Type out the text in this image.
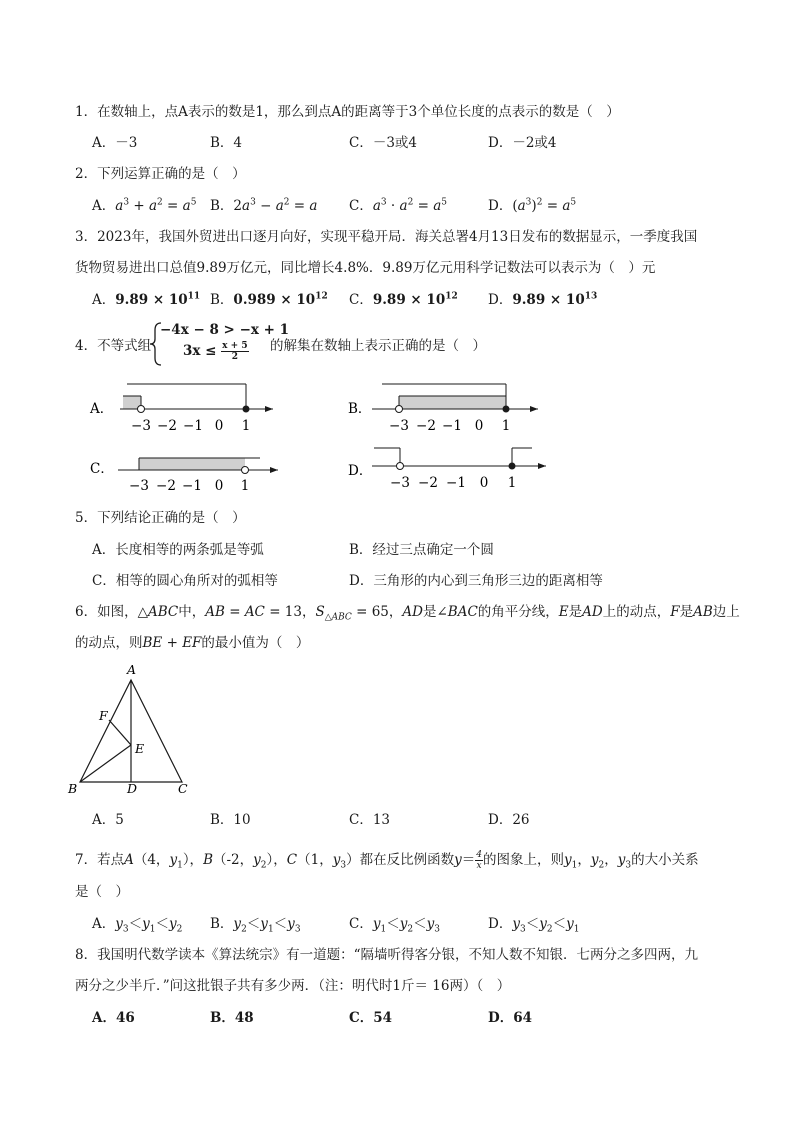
1．在数轴上，点A表示的数是1，那么到点A的距离等于3个单位长度的点表示的数是（　）
A．－3	B．4	C．－3或4	D．－2或4
2．下列运算正确的是（　）
A．$a^3 + a^2 = a^5$ B．$2a^3 - a^2 = a$ C．$a^3 \cdot a^2 = a^5$	D．$(a^3)^2 = a^5$
3．2023年，我国外贸进出口逐月向好，实现平稳开局．海关总署4月13日发布的数据显示，一季度我国
货物贸易进出口总值9.89万亿元，同比增长4.8%．9.89万亿元用科学记数法可以表示为（　）元
A．$9.89 \times 10^{11}$ B．$0.989 \times 10^{12}$ C．$9.89 \times 10^{12}$ D．$9.89 \times 10^{13}$
4．不等式组
−4x − 8 > −x + 1
$3x \le \frac{x + 5}{2}$ 的解集在数轴上表示正确的是（　）
A．
−3 −2 −1 0 1
B．
−3 −2 −1 0 1
C．
−3 −2 −1 0 1
D．
−3 −2 −1 0 1
5．下列结论正确的是（　）
A．长度相等的两条弧是等弧	B．经过三点确定一个圆
C．相等的圆心角所对的弧相等	D．三角形的内心到三角形三边的距离相等
6．如图，△ABC中，AB = AC = 13，$S_{\triangle ABC} = 65$，AD是∠BAC的角平分线，E是AD上的动点，F是AB边上
的动点，则BE + EF的最小值为（　）
A
B	C
D
E
F
A．5	B．10	C．13	D．26
7．若点A（4，$y_1$），B（-2，$y_2$），C（1，$y_3$）都在反比例函数$y= \frac{4}{x}$ 的图象上，则$y_1$，$y_2$，$y_3$的大小关系
是（　）
A．$y_3<y_1<y_2$ B．$y_2<y_1<y_3$	C．$y_1<y_2<y_3$	D．$y_3<y_2<y_1$
8．我国明代数学读本《算法统宗》有一道题：“隔墙听得客分银，不知人数不知银．七两分之多四两，九
两分之少半斤．”问这批银子共有多少两．（注：明代时1斤＝ 16两）（　）
A．46	B．48	C．54	D．64
